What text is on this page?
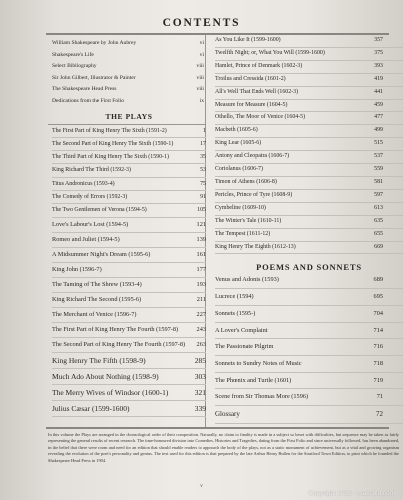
CONTENTS
William Shakespeare by John Aubrey	vi
Shakespeare's Life	vi
Select Bibliography	viii
Sir John Gilbert, Illustrator & Painter	viii
The Shakespeare Head Press	viii
Dedications from the First Folio	ix
THE PLAYS
The First Part of King Henry The Sixth (1591-2)	1
The Second Part of King Henry The Sixth (1590-1)	17
The Third Part of King Henry The Sixth (1590-1)	35
King Richard The Third (1592-3)	53
Titus Andronicus (1593-4)	75
The Comedy of Errors (1592-3)	91
The Two Gentlemen of Verona (1594-5)	105
Love's Labour's Lost (1594-5)	121
Romeo and Juliet (1594-5)	139
A Midsummer Night's Dream (1595-6)	161
King John (1596-7)	177
The Taming of The Shrew (1593-4)	193
King Richard The Second (1595-6)	211
The Merchant of Venice (1596-7)	227
The First Part of King Henry The Fourth (1597-8)	243
The Second Part of King Henry The Fourth (1597-8) 263
King Henry The Fifth (1598-9)	285
Much Ado About Nothing (1598-9)	303
The Merry Wives of Windsor (1600-1)	321
Julius Cæsar (1599-1600)	339
As You Like It (1599-1600)	357
Twelfth Night; or, What You Will (1599-1600)	375
Hamlet, Prince of Denmark (1602-3)	393
Troilus and Cressida (1601-2)	419
All's Well That Ends Well (1602-3)	441
Measure for Measure (1604-5)	459
Othello, The Moor of Venice (1604-5)	477
Macbeth (1605-6)	499
King Lear (1605-6)	515
Antony and Cleopatra (1606-7)	537
Coriolanus (1606-7)	559
Timon of Athens (1606-8)	581
Pericles, Prince of Tyre (1608-9)	597
Cymbeline (1609-10)	613
The Winter's Tale (1610-11)	635
The Tempest (1611-12)	655
King Henry The Eighth (1612-13)	669
POEMS AND SONNETS
Venus and Adonis (1593)	689
Lucrece (1594)	695
Sonnets (1595-)	704
A Lover's Complaint	714
The Passionate Pilgrim	716
Sonnets to Sundry Notes of Music	718
The Phœnix and Turtle (1601)	719
Scene from Sir Thomas More (1596)	71
Glossary	72
In this volume the Plays are arranged in the chronological order of their composition. Naturally, no claim to finality is made in a subject so beset with difficulties, but sequence may be taken as fairly representing the general results of recent research. The time-honoured division into Comedies, Histories and Tragedies, dating from the First Folio and since universally followed, has been abandoned, in the belief that there were room and need for an edition that should enable readers to approach the body of the plays, not as a static monument of achievement, but as a vital and growing organism revealing the evolution of the poet's personality and genius. The text used for this edition is that prepared by the late Arthur Henry Bullen for the Stratford Town Edition, to print which he founded the Shakespeare Head Press in 1904.
v
Copyright 2023 - maxsold.com
